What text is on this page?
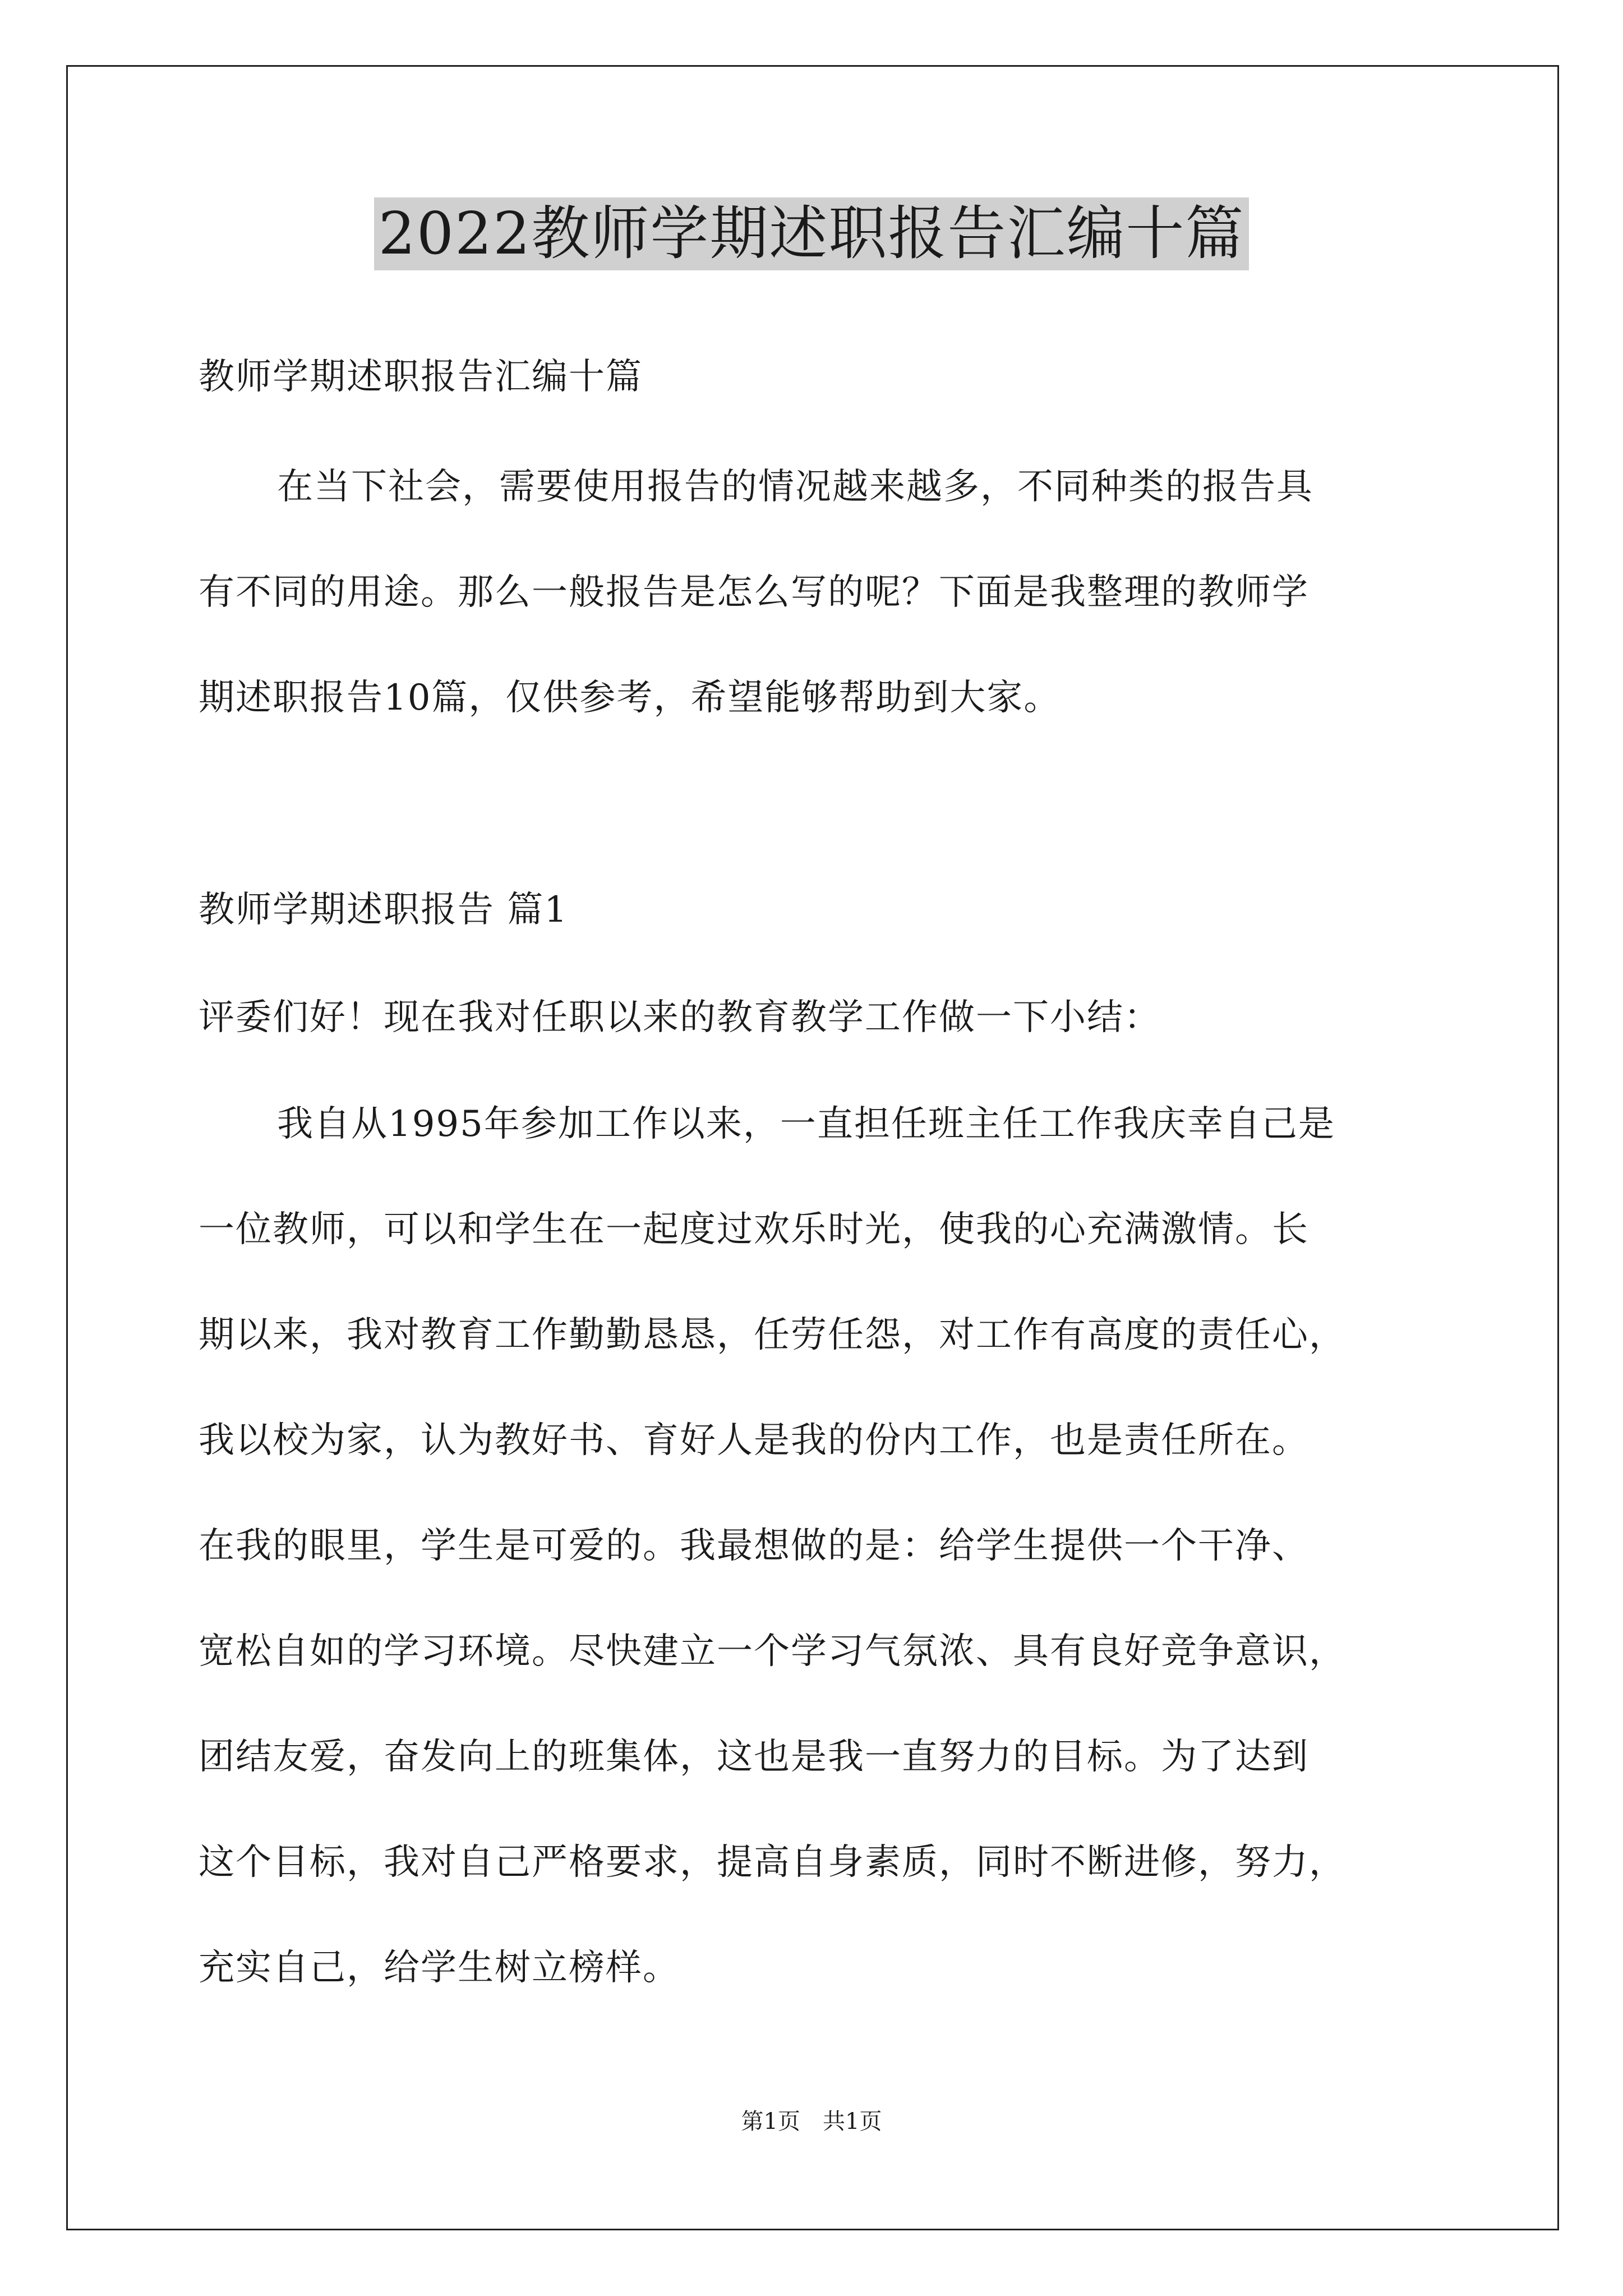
2022教师学期述职报告汇编十篇
教师学期述职报告汇编十篇
在当下社会，需要使用报告的情况越来越多，不同种类的报告具
有不同的用途。那么一般报告是怎么写的呢？下面是我整理的教师学
期述职报告10篇，仅供参考，希望能够帮助到大家。
教师学期述职报告 篇1
评委们好！现在我对任职以来的教育教学工作做一下小结：
我自从1995年参加工作以来，一直担任班主任工作我庆幸自己是
一位教师，可以和学生在一起度过欢乐时光，使我的心充满激情。长
期以来，我对教育工作勤勤恳恳，任劳任怨，对工作有高度的责任心，
我以校为家，认为教好书、育好人是我的份内工作，也是责任所在。
在我的眼里，学生是可爱的。我最想做的是：给学生提供一个干净、
宽松自如的学习环境。尽快建立一个学习气氛浓、具有良好竞争意识，
团结友爱，奋发向上的班集体，这也是我一直努力的目标。为了达到
这个目标，我对自己严格要求，提高自身素质，同时不断进修，努力，
充实自己，给学生树立榜样。
第1页　共1页
